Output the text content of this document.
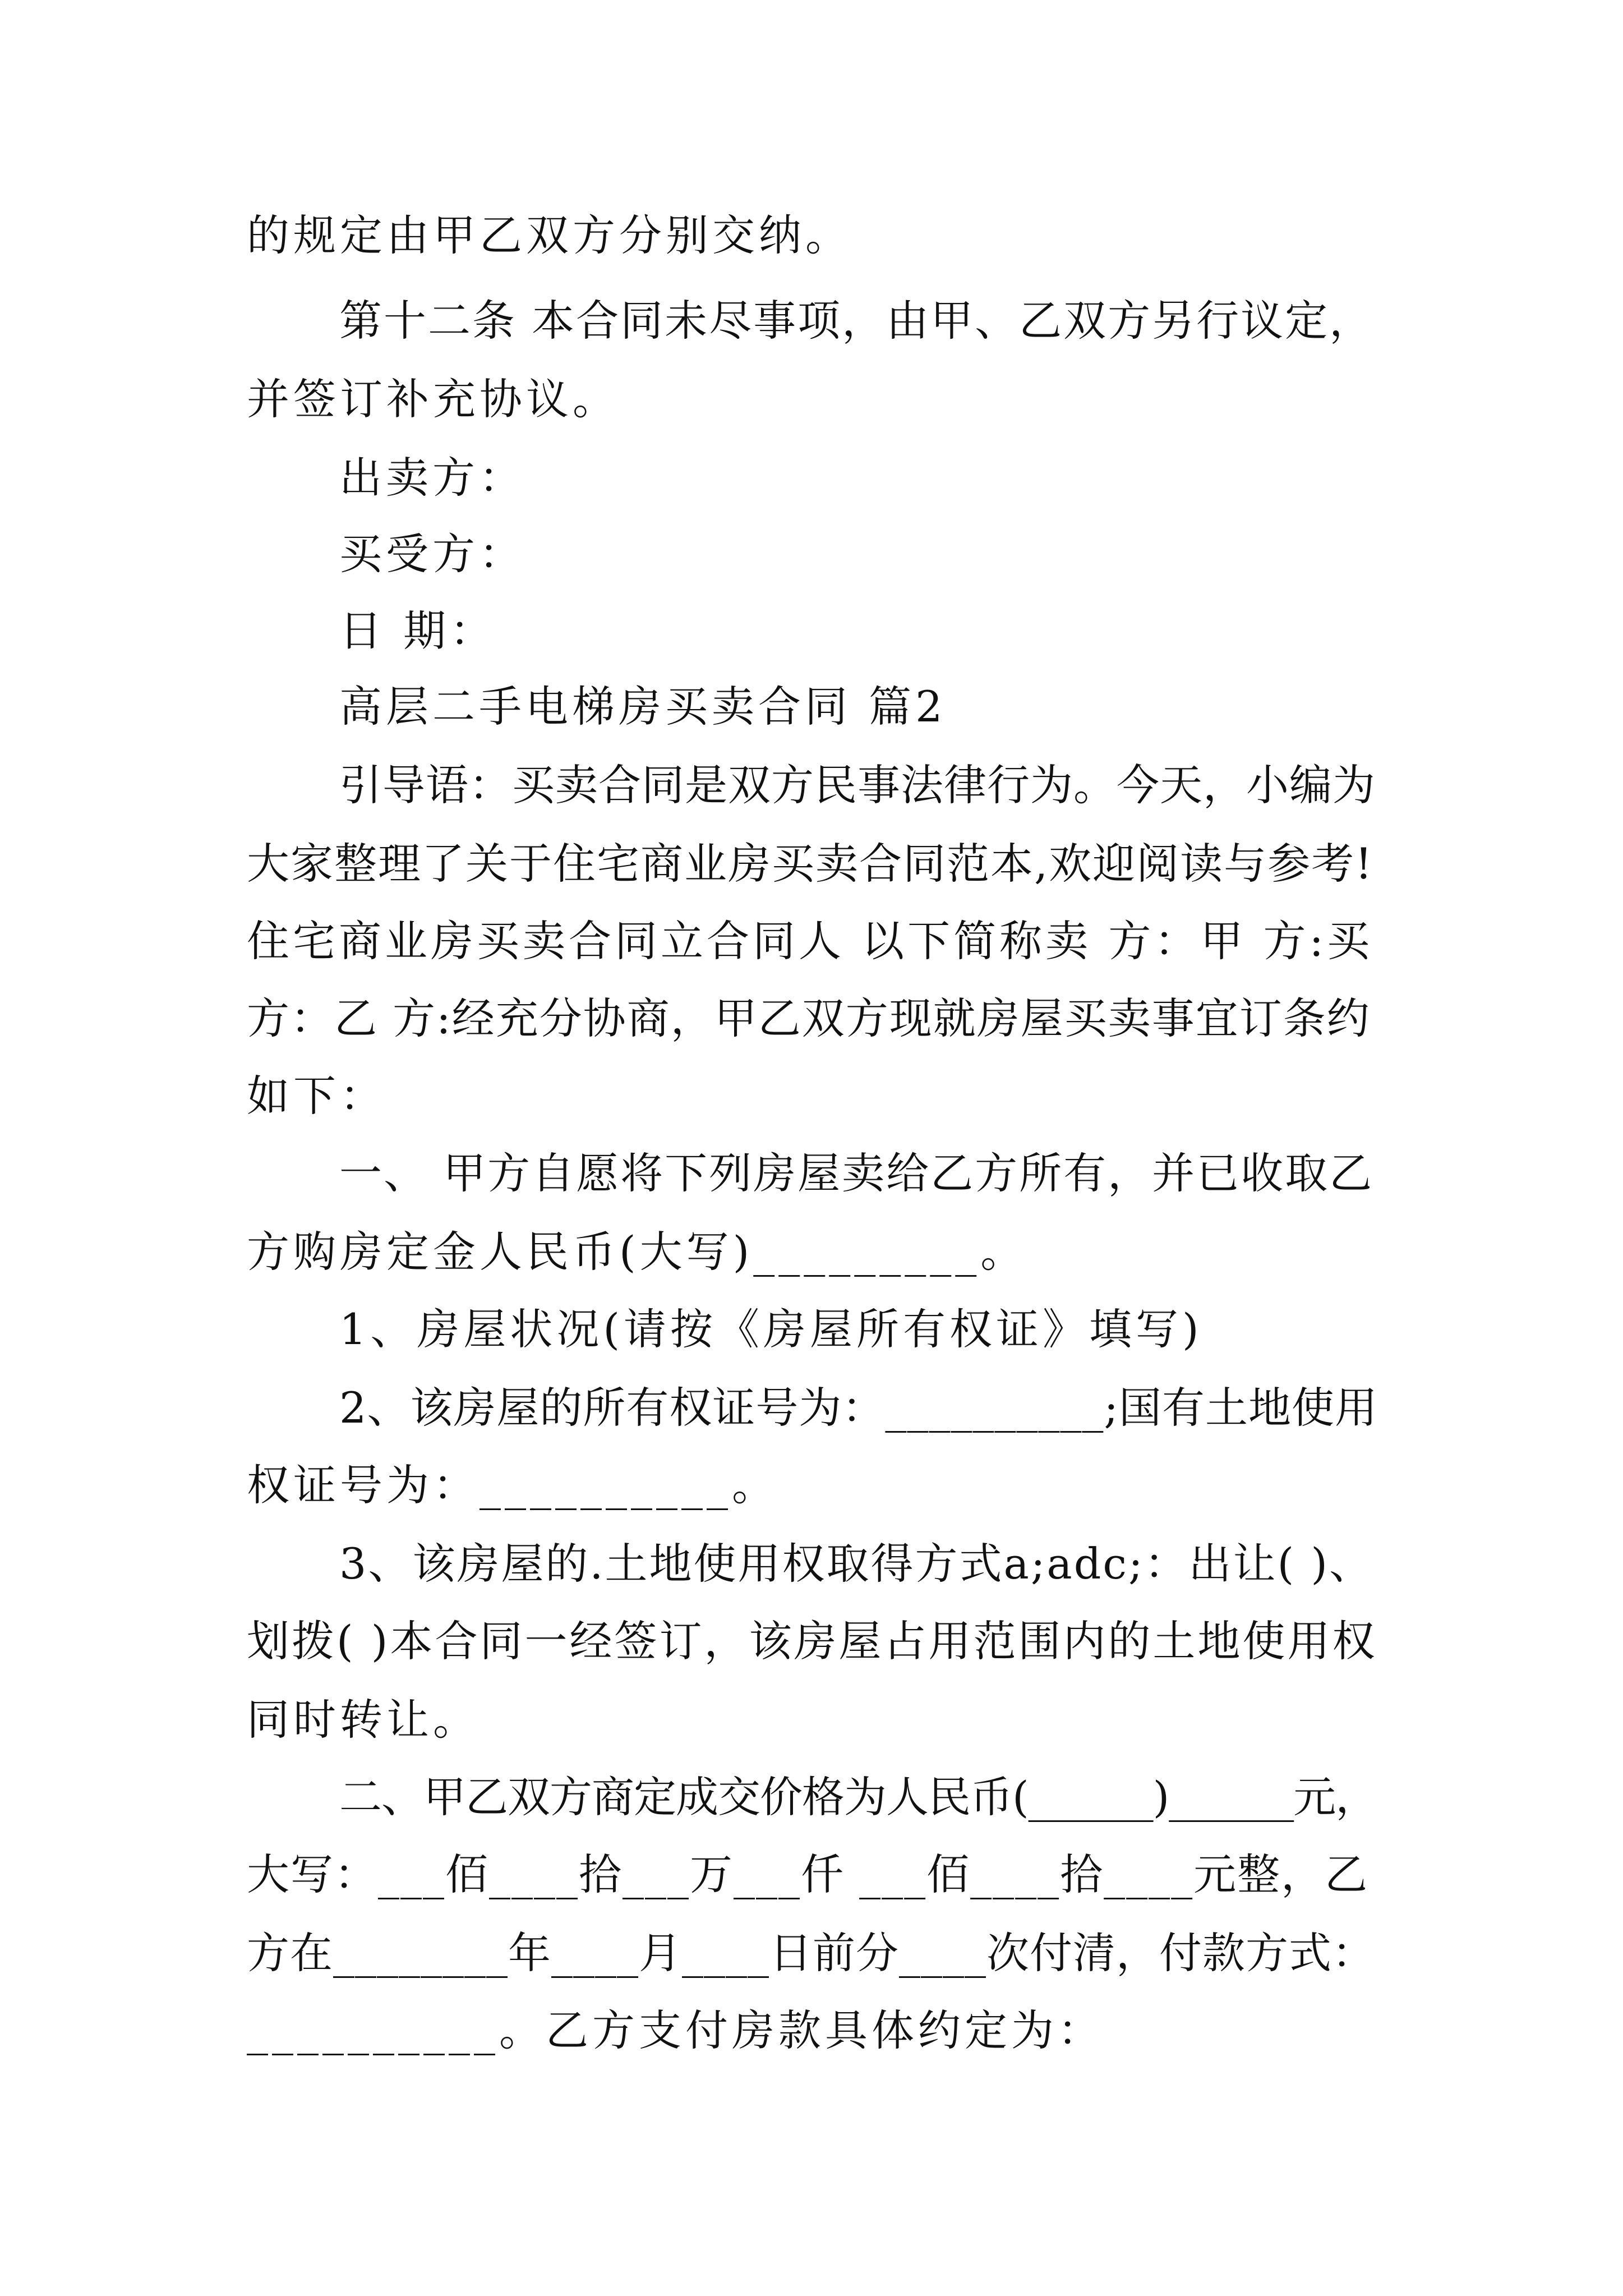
的规定由甲乙双方分别交纳。
第十二条 本合同未尽事项，由甲、乙双方另行议定，
并签订补充协议。
出卖方：
买受方：
日 期：
高层二手电梯房买卖合同 篇2
引导语：买卖合同是双方民事法律行为。今天，小编为
大家整理了关于住宅商业房买卖合同范本,欢迎阅读与参考!
住宅商业房买卖合同立合同人 以下简称卖 方：甲 方:买
方：乙 方:经充分协商，甲乙双方现就房屋买卖事宜订条约
如下：
一、 甲方自愿将下列房屋卖给乙方所有，并已收取乙
方购房定金人民币(大写)_________。
1、房屋状况(请按《房屋所有权证》填写)
2、该房屋的所有权证号为：__________;国有土地使用
权证号为：__________。
3、该房屋的.土地使用权取得方式a;adc;：出让( )、
划拨( )本合同一经签订，该房屋占用范围内的土地使用权
同时转让。
二、甲乙双方商定成交价格为人民币(______)______元，
大写：___佰____拾___万___仟 ___佰____拾____元整，乙
方在________年____月____日前分____次付清，付款方式：
__________。乙方支付房款具体约定为：
